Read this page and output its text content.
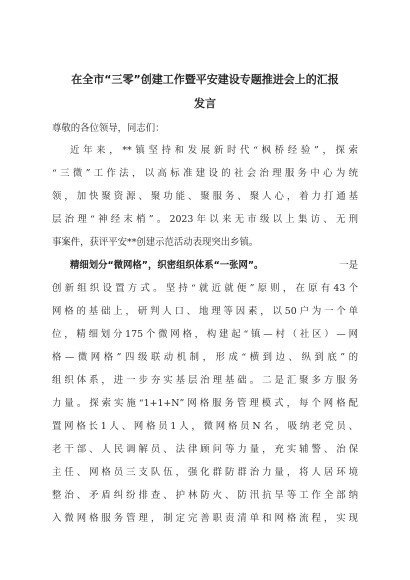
在全市“三零”创建工作暨平安建设专题推进会上的汇报

发言

尊敬的各位领导，同志们：

近年来，**镇坚持和发展新时代“枫桥经验”，探索

“三微”工作法，以高标准建设的社会治理服务中心为统

领，加快聚资源、聚功能、聚服务、聚人心，着力打通基

层治理“神经末梢”。2023年以来无市级以上集访、无刑

事案件，获评平安**创建示范活动表现突出乡镇。

精细划分“微网格”，织密组织体系“一张网”。	一是

创新组织设置方式。坚持“就近就便”原则，在原有43个

网格的基础上，研判人口、地理等因素，以50户为一个单

位，精细划分175个微网格，构建起“镇—村（社区）—网

格—微网格”四级联动机制，形成“横到边、纵到底”的

组织体系，进一步夯实基层治理基础。二是汇聚多方服务

力量。探索实施“1+1+N”网格服务管理模式，每个网格配

置网格长1人、网格员1人，微网格员N名，吸纳老党员、

老干部、人民调解员、法律顾问等力量，充实辅警、治保

主任、网格员三支队伍，强化群防群治力量，将人居环境

整治、矛盾纠纷排查、护林防火、防汛抗旱等工作全部纳

入微网格服务管理，制定完善职责清单和网格流程，实现
